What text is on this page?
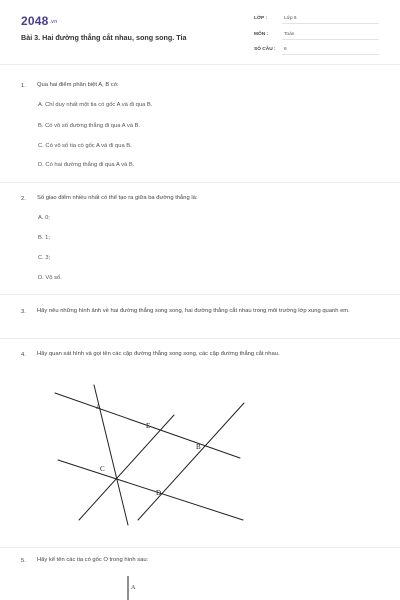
$2048^{.vn}$
Bài 3. Hai đường thẳng cắt nhau, song song. Tia
LỚP :	Lớp 6
MÔN :	Toán
SỐ CÂU :	6
1. Qua hai điểm phân biệt A, B có:
A. Chỉ duy nhất một tia có gốc A và đi qua B.
B. Có vô số đường thẳng đi qua A và B.
C. Có vô số tia có gốc A và đi qua B.
D. Có hai đường thẳng đi qua A và B.
2. Số giao điểm nhiều nhất có thể tạo ra giữa ba đường thẳng là:
A. 0;
B. 1;
C. 3;
D. Vô số.
3. Hãy nêu những hình ảnh về hai đường thẳng song song, hai đường thẳng cắt nhau trong môi trường lớp xung quanh em.
4. Hãy quan sát hình và gọi tên các cặp đường thẳng song song, các cặp đường thẳng cắt nhau.
A
E
B
C
D
5. Hãy kể tên các tia có gốc O trong hình sau:
A
